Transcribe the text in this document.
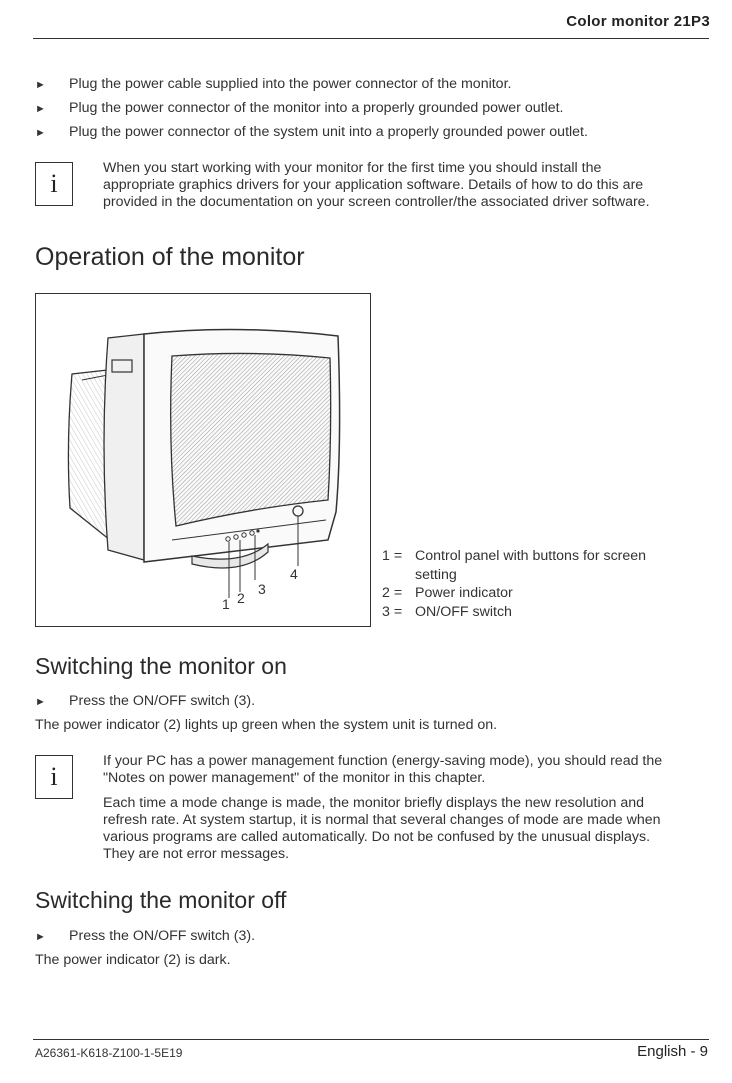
Color monitor 21P3
► Plug the power cable supplied into the power connector of the monitor.
► Plug the power connector of the monitor into a properly grounded power outlet.
► Plug the power connector of the system unit into a properly grounded power outlet.
i
When you start working with your monitor for the first time you should install the
appropriate graphics drivers for your application software. Details of how to do this are
provided in the documentation on your screen controller/the associated driver software.
Operation of the monitor
1 2
3
4
1 = Control panel with buttons for screen
setting
2 = Power indicator
3 = ON/OFF switch
Switching the monitor on
► Press the ON/OFF switch (3).
The power indicator (2) lights up green when the system unit is turned on.
i
If your PC has a power management function (energy-saving mode), you should read the
"Notes on power management" of the monitor in this chapter.
Each time a mode change is made, the monitor briefly displays the new resolution and
refresh rate. At system startup, it is normal that several changes of mode are made when
various programs are called automatically. Do not be confused by the unusual displays.
They are not error messages.
Switching the monitor off
► Press the ON/OFF switch (3).
The power indicator (2) is dark.
A26361-K618-Z100-1-5E19	English - 9
